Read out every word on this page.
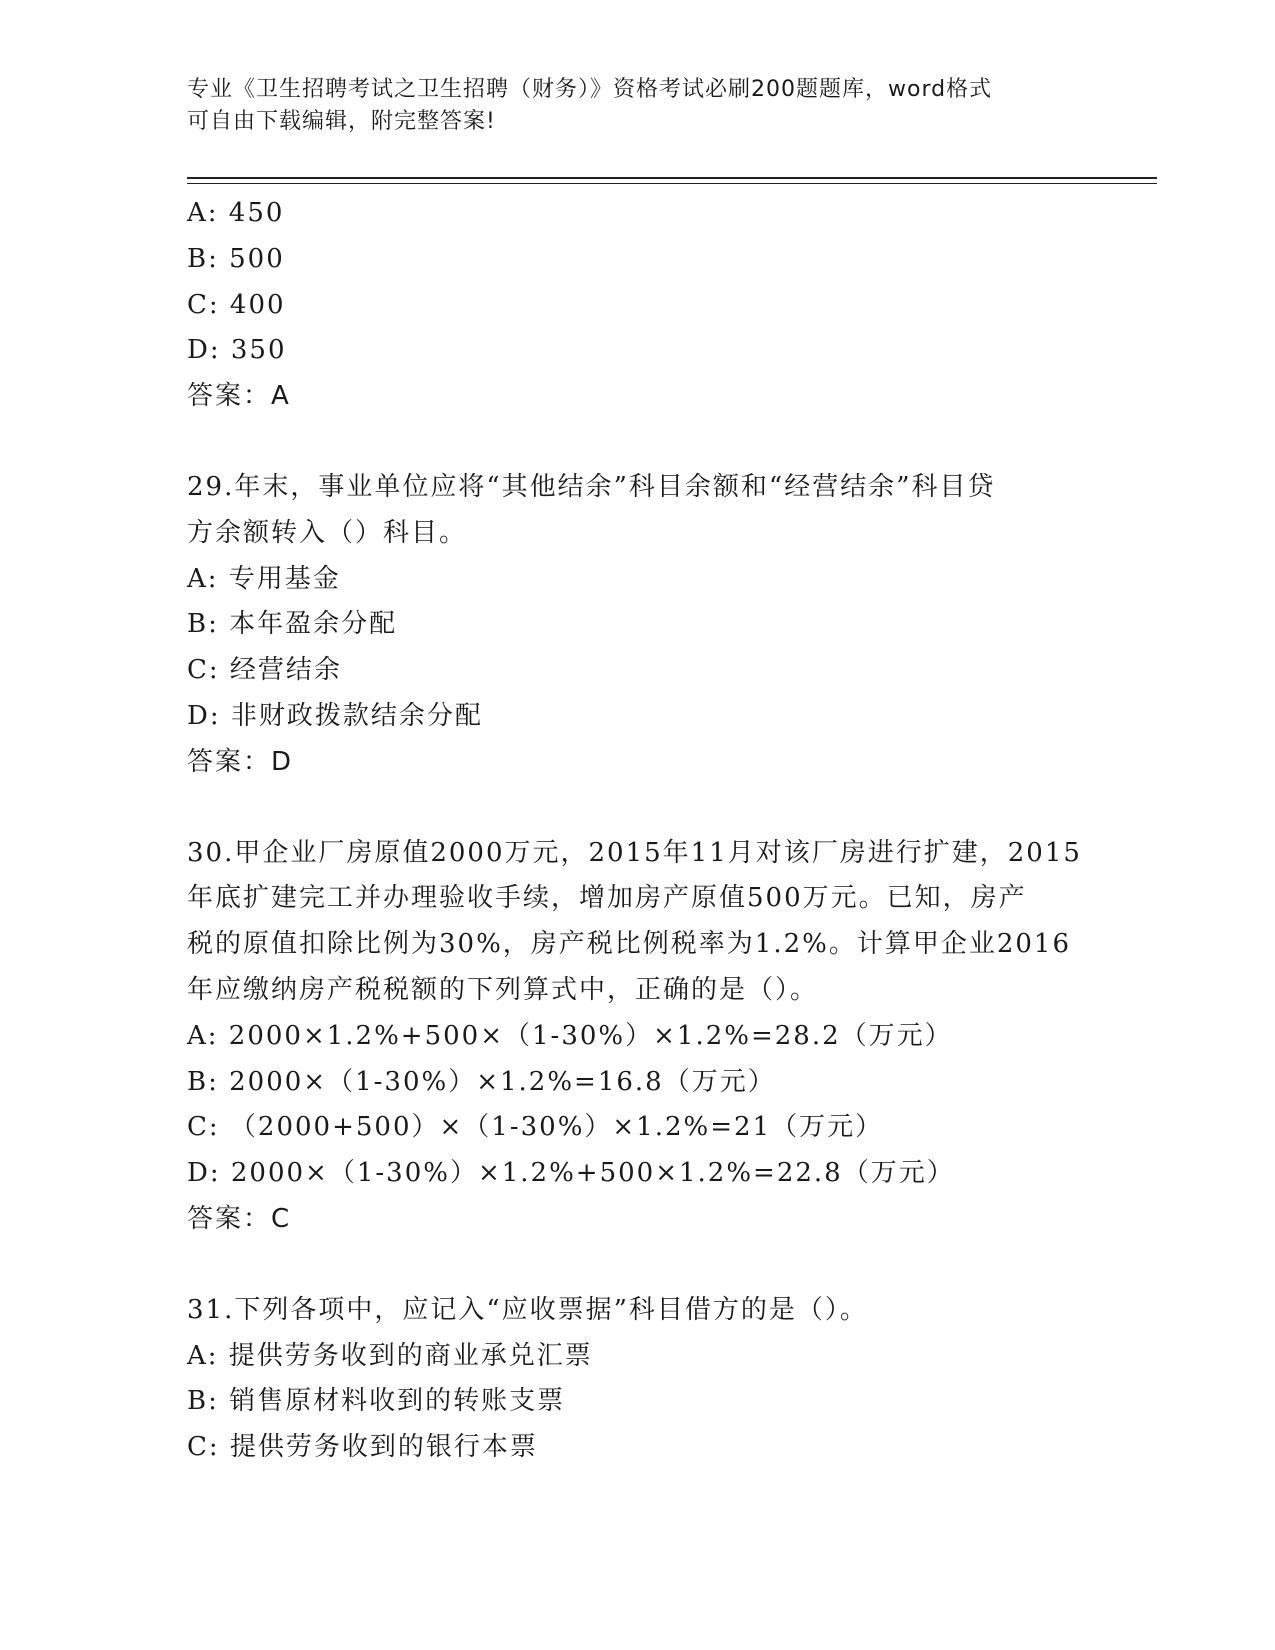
专业《卫生招聘考试之卫生招聘（财务）》资格考试必刷200题题库，word格式
可自由下载编辑，附完整答案!
A: 450
B: 500
C: 400
D: 350
答案：A
29.年末，事业单位应将“其他结余”科目余额和“经营结余”科目贷
方余额转入（）科目。
A: 专用基金
B: 本年盈余分配
C: 经营结余
D: 非财政拨款结余分配
答案：D
30.甲企业厂房原值2000万元，2015年11月对该厂房进行扩建，2015
年底扩建完工并办理验收手续，增加房产原值500万元。已知，房产
税的原值扣除比例为30%，房产税比例税率为1.2%。计算甲企业2016
年应缴纳房产税税额的下列算式中，正确的是（）。
A: 2000×1.2%+500×（1-30%）×1.2%=28.2（万元）
B: 2000×（1-30%）×1.2%=16.8（万元）
C: （2000+500）×（1-30%）×1.2%=21（万元）
D: 2000×（1-30%）×1.2%+500×1.2%=22.8（万元）
答案：C
31.下列各项中，应记入“应收票据”科目借方的是（）。
A: 提供劳务收到的商业承兑汇票
B: 销售原材料收到的转账支票
C: 提供劳务收到的银行本票
